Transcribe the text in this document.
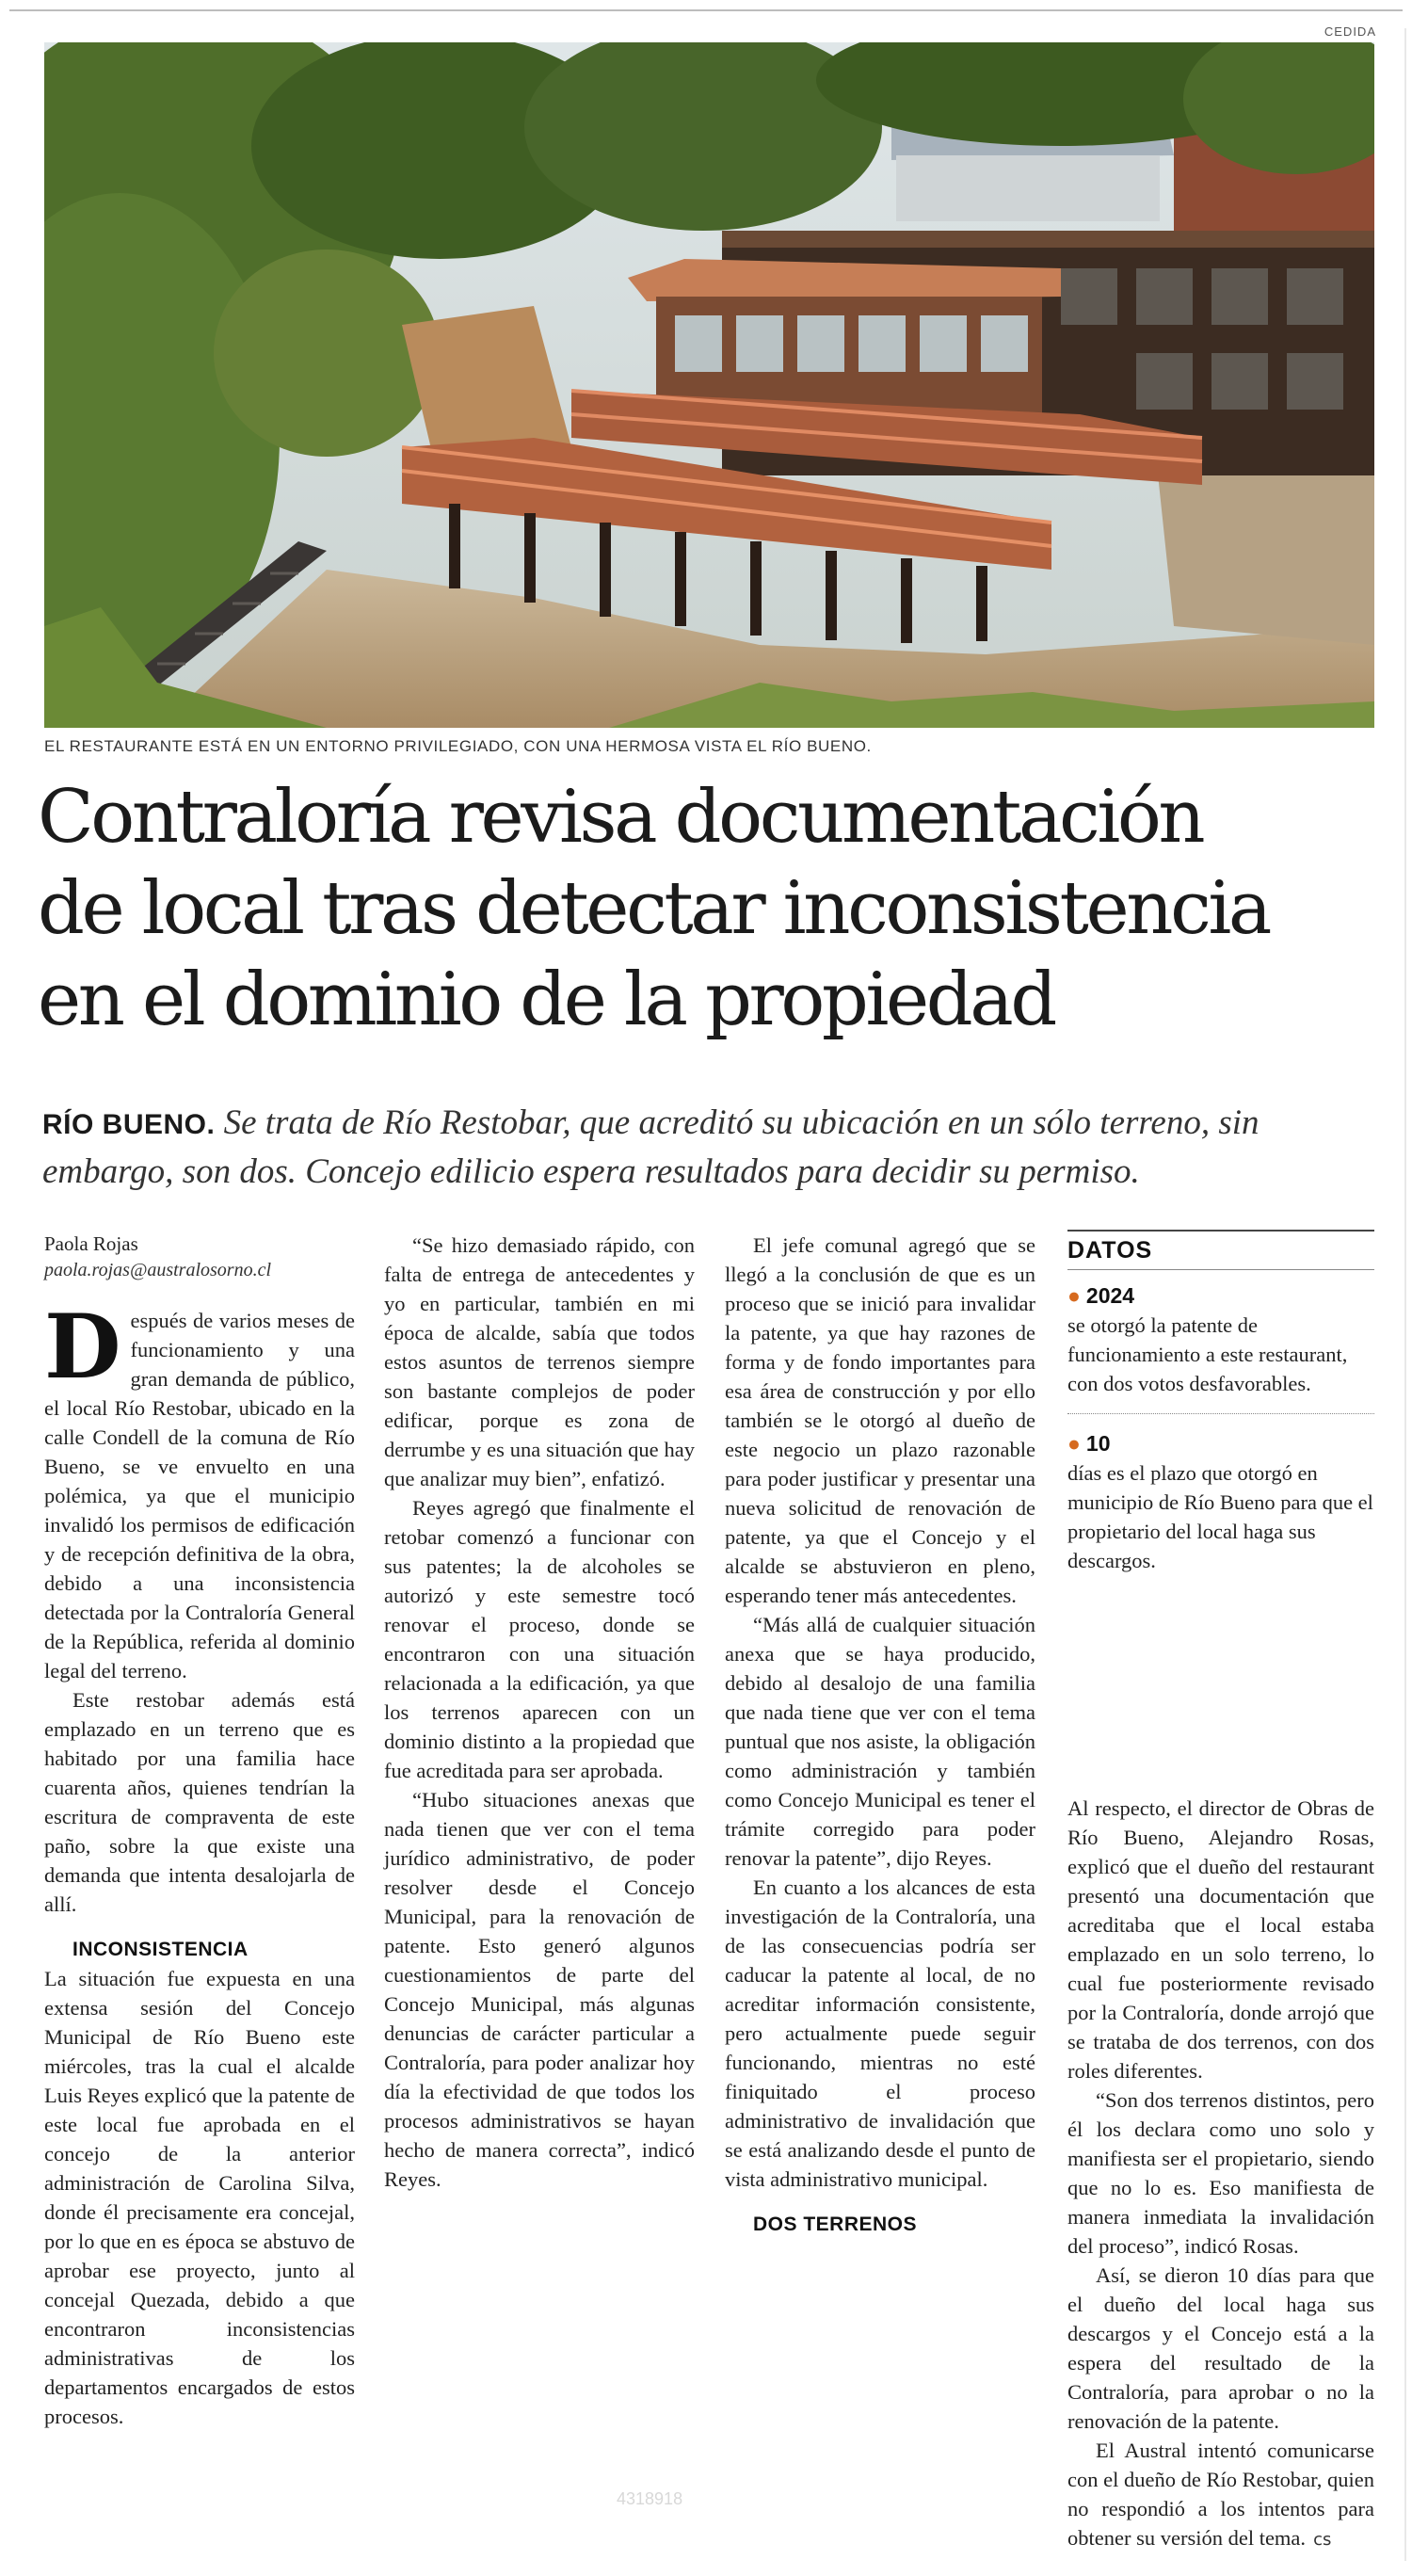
CEDIDA
EL RESTAURANTE ESTÁ EN UN ENTORNO PRIVILEGIADO, CON UNA HERMOSA VISTA EL RÍO BUENO.
Contraloría revisa documentación
de local tras detectar inconsistencia
en el dominio de la propiedad
RÍO BUENO. Se trata de Río Restobar, que acreditó su ubicación en un sólo terreno, sin embargo, son dos. Concejo edilicio espera resultados para decidir su permiso.
Paola Rojas
paola.rojas@australosorno.cl

Después de varios meses de funcionamiento y una gran demanda de público, el local Río Restobar, ubicado en la calle Condell de la comuna de Río Bueno, se ve envuelto en una polémica, ya que el municipio invalidó los permisos de edificación y de recepción definitiva de la obra, debido a una inconsistencia detectada por la Contraloría General de la República, referida al dominio legal del terreno.

Este restobar además está emplazado en un terreno que es habitado por una familia hace cuarenta años, quienes tendrían la escritura de compraventa de este paño, sobre la que existe una demanda que intenta desalojarla de allí.

INCONSISTENCIA

La situación fue expuesta en una extensa sesión del Concejo Municipal de Río Bueno este miércoles, tras la cual el alcalde Luis Reyes explicó que la patente de este local fue aprobada en el concejo de la anterior administración de Carolina Silva, donde él precisamente era concejal, por lo que en es época se abstuvo de aprobar ese proyecto, junto al concejal Quezada, debido a que encontraron inconsistencias administrativas de los departamentos encargados de estos procesos.

“Se hizo demasiado rápido, con falta de entrega de antecedentes y yo en particular, también en mi época de alcalde, sabía que todos estos asuntos de terrenos siempre son bastante complejos de poder edificar, porque es zona de derrumbe y es una situación que hay que analizar muy bien”, enfatizó.

Reyes agregó que finalmente el retobar comenzó a funcionar con sus patentes; la de alcoholes se autorizó y este semestre tocó renovar el proceso, donde se encontraron con una situación relacionada a la edificación, ya que los terrenos aparecen con un dominio distinto a la propiedad que fue acreditada para ser aprobada.

“Hubo situaciones anexas que nada tienen que ver con el tema jurídico administrativo, de poder resolver desde el Concejo Municipal, para la renovación de patente. Esto generó algunos cuestionamientos de parte del Concejo Municipal, más algunas denuncias de carácter particular a Contraloría, para poder analizar hoy día la efectividad de que todos los procesos administrativos se hayan hecho de manera correcta”, indicó Reyes.

El jefe comunal agregó que se llegó a la conclusión de que es un proceso que se inició para invalidar la patente, ya que hay razones de forma y de fondo importantes para esa área de construcción y por ello también se le otorgó al dueño de este negocio un plazo razonable para poder justificar y presentar una nueva solicitud de renovación de patente, ya que el Concejo y el alcalde se abstuvieron en pleno, esperando tener más antecedentes.

“Más allá de cualquier situación anexa que se haya producido, debido al desalojo de una familia que nada tiene que ver con el tema puntual que nos asiste, la obligación como administración y también como Concejo Municipal es tener el trámite corregido para poder renovar la patente”, dijo Reyes.

En cuanto a los alcances de esta investigación de la Contraloría, una de las consecuencias podría ser caducar la patente al local, de no acreditar información consistente, pero actualmente puede seguir funcionando, mientras no esté finiquitado el proceso administrativo de invalidación que se está analizando desde el punto de vista administrativo municipal.

DOS TERRENOS

DATOS
● 2024
se otorgó la patente de funcionamiento a este restaurant, con dos votos desfavorables.
● 10
días es el plazo que otorgó en municipio de Río Bueno para que el propietario del local haga sus descargos.

Al respecto, el director de Obras de Río Bueno, Alejandro Rosas, explicó que el dueño del restaurant presentó una documentación que acreditaba que el local estaba emplazado en un solo terreno, lo cual fue posteriormente revisado por la Contraloría, donde arrojó que se trataba de dos terrenos, con dos roles diferentes.

“Son dos terrenos distintos, pero él los declara como uno solo y manifiesta ser el propietario, siendo que no lo es. Eso manifiesta de manera inmediata la invalidación del proceso”, indicó Rosas.

Así, se dieron 10 días para que el dueño del local haga sus descargos y el Concejo está a la espera del resultado de la Contraloría, para aprobar o no la renovación de la patente.

El Austral intentó comunicarse con el dueño de Río Restobar, quien no respondió a los intentos para obtener su versión del tema. cs

4318918
